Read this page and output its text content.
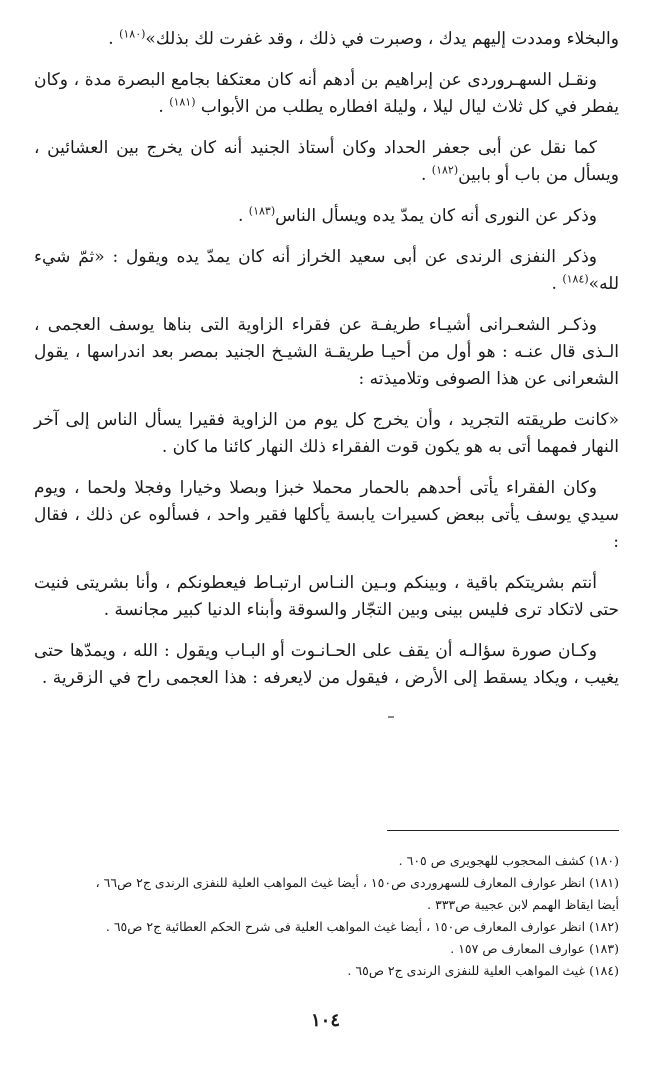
والبخلاء ومددت إليهم يدك ، وصبرت في ذلك ، وقد غفرت لك بذلك»$^{(١٨٠)}$ .

ونقـل السهـروردى عن إبراهيم بن أدهم أنه كان معتكفا بجامع البصرة مدة ، وكان يفطر في كل ثلاث ليال ليلا ، وليلة افطاره يطلب من الأبواب $^{(١٨١)}$ .

كما نقل عن أبى جعفر الحداد وكان أستاذ الجنيد أنه كان يخرج بين العشائين ، ويسأل من باب أو بابين$^{(١٨٢)}$ .

وذكر عن النورى أنه كان يمدّ يده ويسأل الناس$^{(١٨٣)}$ .

وذكر النفزى الرندى عن أبى سعيد الخراز أنه كان يمدّ يده ويقول : «ثمّ شيء لله»$^{(١٨٤)}$ .

وذكـر الشعـرانى أشيـاء طريفـة عن فقراء الزاوية التى بناها يوسف العجمى ، الـذى قال عنـه : هو أول من أحيـا طريقـة الشيـخ الجنيد بمصر بعد اندراسها ، يقول الشعرانى عن هذا الصوفى وتلاميذته :

«كانت طريقته التجريد ، وأن يخرج كل يوم من الزاوية فقيرا يسأل الناس إلى آخر النهار فمهما أتى به هو يكون قوت الفقراء ذلك النهار كائنا ما كان .

وكان الفقراء يأتى أحدهم بالحمار محملا خبزا وبصلا وخيارا وفجلا ولحما ، ويوم سيدي يوسف يأتى ببعض كسيرات يابسة يأكلها فقير واحد ، فسألوه عن ذلك ، فقال :

أنتم بشريتكم باقية ، وبينكم وبـين النـاس ارتبـاط فيعطونكم ، وأنا بشريتى فنيت حتى لاتكاد ترى فليس بينى وبين التجّار والسوقة وأبناء الدنيا كبير مجانسة .

وكـان صورة سؤالـه أن يقف على الحـانـوت أو البـاب ويقول : الله ، ويمدّها حتى يغيب ، ويكاد يسقط إلى الأرض ، فيقول من لايعرفه : هذا العجمى راح في الزقرية .

(١٨٠) كشف المحجوب للهجويرى ص ٦٠٥ .

(١٨١) انظر عوارف المعارف للسهروردى ص١٥٠ ، أيضا غيث المواهب العلية للنفزى الرندى ج٢ ص٦٦ ،

أيضا ايقاظ الهمم لابن عجيبة ص٣٣٣ .

(١٨٢) انظر عوارف المعارف ص١٥٠ ، أيضا غيث المواهب العلية فى شرح الحكم العطائية ج٢ ص٦٥ .

(١٨٣) عوارف المعارف ص ١٥٧ .

(١٨٤) غيث المواهب العلية للنفزى الرندى ج٢ ص٦٥ .

١٠٤
